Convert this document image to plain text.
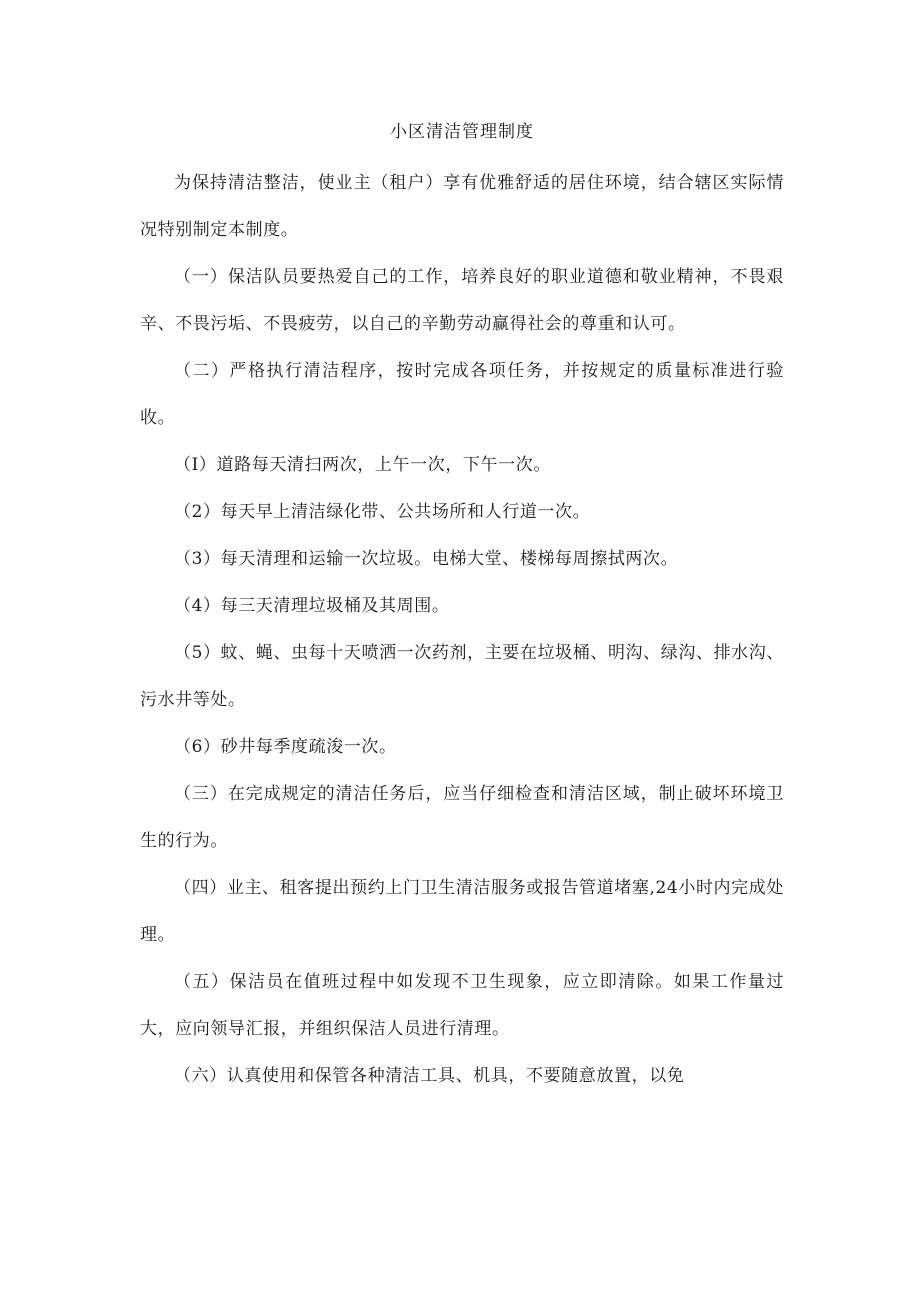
小区清洁管理制度

为保持清洁整洁，使业主（租户）享有优雅舒适的居住环境，结合辖区实际情况特别制定本制度。

（一）保洁队员要热爱自己的工作，培养良好的职业道德和敬业精神，不畏艰辛、不畏污垢、不畏疲劳，以自己的辛勤劳动赢得社会的尊重和认可。

（二）严格执行清洁程序，按时完成各项任务，并按规定的质量标准进行验收。

（I）道路每天清扫两次，上午一次，下午一次。

（2）每天早上清洁绿化带、公共场所和人行道一次。

（3）每天清理和运输一次垃圾。电梯大堂、楼梯每周擦拭两次。

（4）每三天清理垃圾桶及其周围。

（5）蚊、蝇、虫每十天喷洒一次药剂，主要在垃圾桶、明沟、绿沟、排水沟、污水井等处。

（6）砂井每季度疏浚一次。

（三）在完成规定的清洁任务后，应当仔细检查和清洁区域，制止破坏环境卫生的行为。

（四）业主、租客提出预约上门卫生清洁服务或报告管道堵塞,24小时内完成处理。

（五）保洁员在值班过程中如发现不卫生现象，应立即清除。如果工作量过大，应向领导汇报，并组织保洁人员进行清理。

（六）认真使用和保管各种清洁工具、机具，不要随意放置，以免
